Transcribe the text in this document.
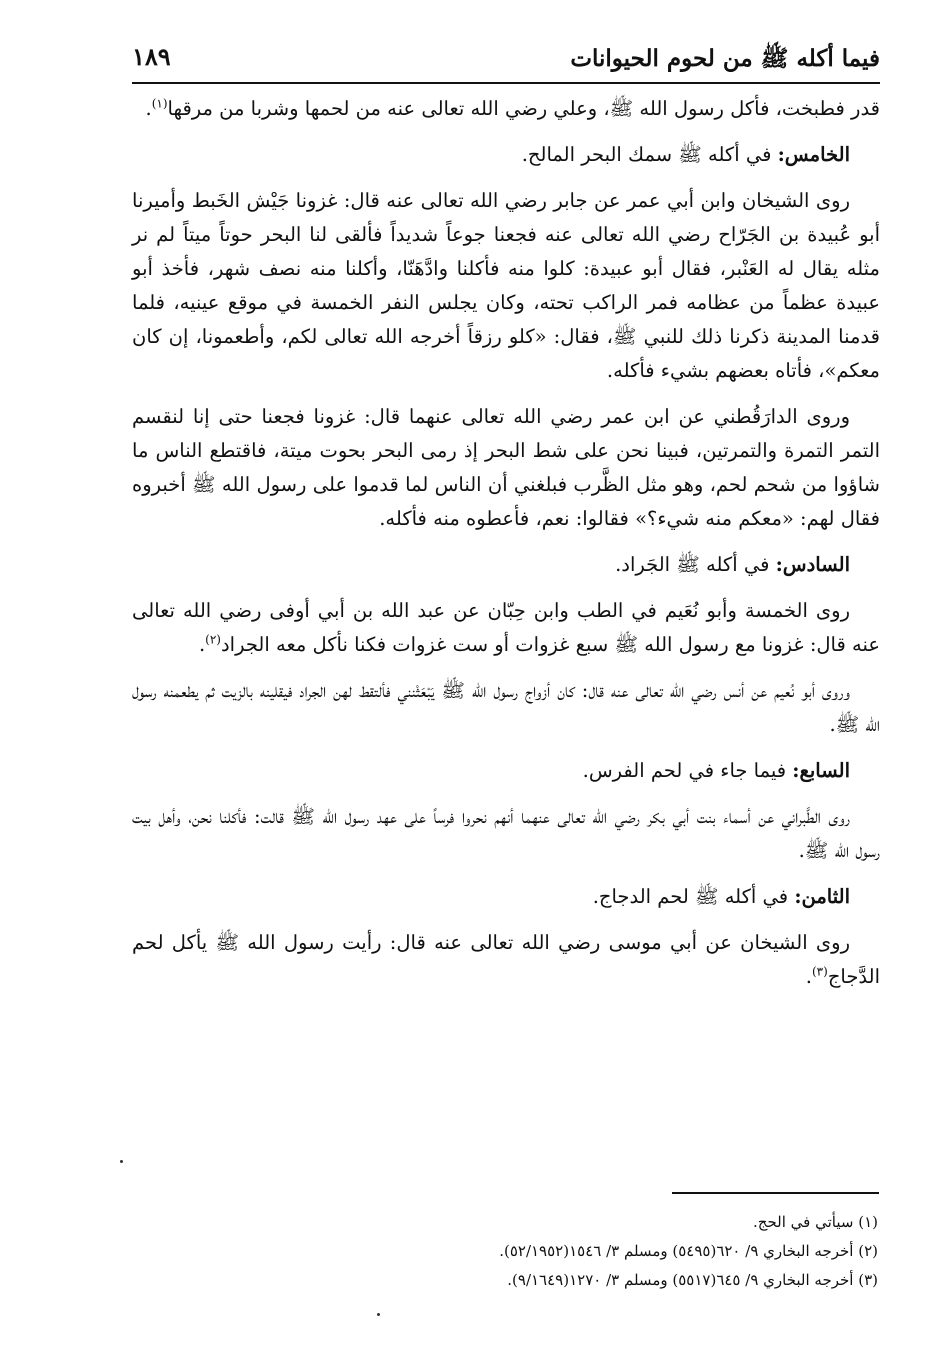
فيما أكله ﷺ من لحوم الحيوانات
١٨٩

قدر فطبخت، فأكل رسول الله ﷺ، وعلي رضي الله تعالى عنه من لحمها وشربا من مرقها$^{(١)}$.

الخامس: في أكله ﷺ سمك البحر المالح.

روى الشيخان وابن أبي عمر عن جابر رضي الله تعالى عنه قال: غزونا جَيْش الخَبط وأميرنا أبو عُبيدة بن الجَرّاح رضي الله تعالى عنه فجعنا جوعاً شديداً فألقى لنا البحر حوتاً ميتاً لم نر مثله يقال له العَنْبر، فقال أبو عبيدة: كلوا منه فأكلنا وادَّهَنّا، وأكلنا منه نصف شهر، فأخذ أبو عبيدة عظماً من عظامه فمر الراكب تحته، وكان يجلس النفر الخمسة في موقع عينيه، فلما قدمنا المدينة ذكرنا ذلك للنبي ﷺ، فقال: «كلو رزقاً أخرجه الله تعالى لكم، وأطعمونا، إن كان معكم»، فأتاه بعضهم بشيء فأكله.

وروى الدارَقُطني عن ابن عمر رضي الله تعالى عنهما قال: غزونا فجعنا حتى إنا لنقسم التمر التمرة والتمرتين، فبينا نحن على شط البحر إذ رمى البحر بحوت ميتة، فاقتطع الناس ما شاؤوا من شحم لحم، وهو مثل الظَّرب فبلغني أن الناس لما قدموا على رسول الله ﷺ أخبروه فقال لهم: «معكم منه شيء؟» فقالوا: نعم، فأعطوه منه فأكله.

السادس: في أكله ﷺ الجَراد.

روى الخمسة وأبو نُعَيم في الطب وابن حِبّان عن عبد الله بن أبي أوفى رضي الله تعالى عنه قال: غزونا مع رسول الله ﷺ سبع غزوات أو ست غزوات فكنا نأكل معه الجراد$^{(٢)}$.

وروى أبو نُعيم عن أنس رضي الله تعالى عنه قال: كان أزواج رسول الله ﷺ يَبْعَثْنني فألتقط لهن الجراد فيقلينه بالزيت ثم يطعمنه رسول الله ﷺ.

السابع: فيما جاء في لحم الفرس.

روى الطَّبراني عن أسماء بنت أبي بكر رضي الله تعالى عنهما أنهم نحروا فرساً على عهد رسول الله ﷺ قالت: فأكلنا نحن، وأهل بيت رسول الله ﷺ.

الثامن: في أكله ﷺ لحم الدجاج.

روى الشيخان عن أبي موسى رضي الله تعالى عنه قال: رأيت رسول الله ﷺ يأكل لحم الدَّجاج$^{(٣)}$.

(١) سيأتي في الحج.

(٢) أخرجه البخاري ٩/ ٦٢٠(٥٤٩٥) ومسلم ٣/ ١٥٤٦(٥٢/١٩٥٢).

(٣) أخرجه البخاري ٩/ ٦٤٥(٥٥١٧) ومسلم ٣/ ١٢٧٠(٩/١٦٤٩).
